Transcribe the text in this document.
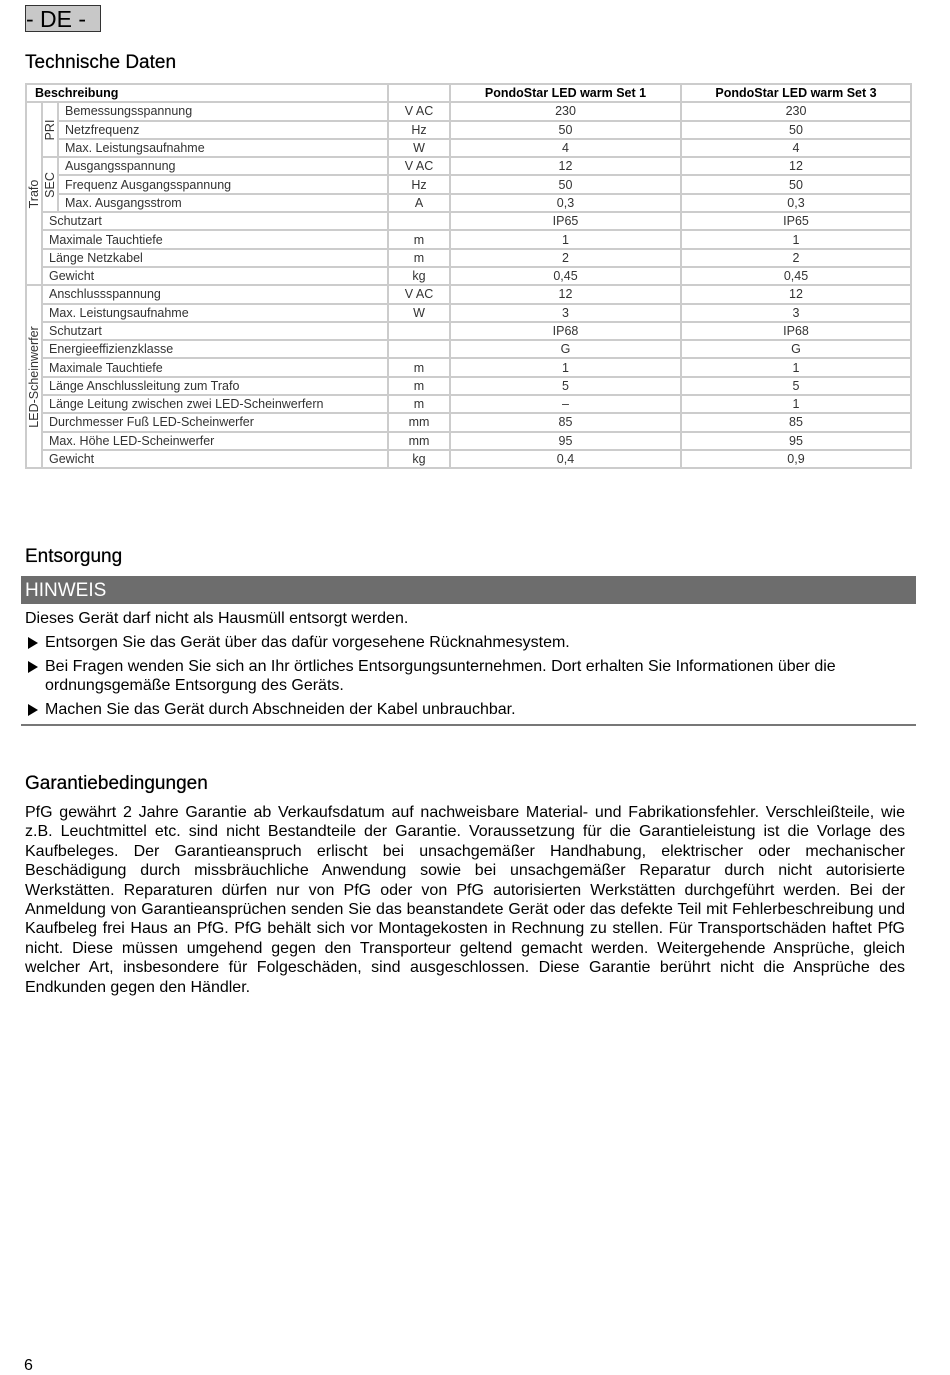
- DE -
Technische Daten
Beschreibung				PondoStar LED warm Set 1	PondoStar LED warm Set 3

Trafo	PRI	Bemessungsspannung	V AC	230	230
		Netzfrequenz	Hz	50	50
		Max. Leistungsaufnahme	W	4	4

	SEC	Ausgangsspannung	V AC	12	12
		Frequenz Ausgangsspannung	Hz	50	50
		Max. Ausgangsstrom	A	0,3	0,3
	Schutzart			IP65	IP65
	Maximale Tauchtiefe		m	1	1
	Länge Netzkabel		m	2	2
	Gewicht		kg	0,45	0,45

LED-Scheinwerfer	Anschlussspannung		V AC	12	12
	Max. Leistungsaufnahme		W	3	3
	Schutzart			IP68	IP68
	Energieeffizienzklasse			G	G
	Maximale Tauchtiefe		m	1	1
	Länge Anschlussleitung zum Trafo		m	5	5
	Länge Leitung zwischen zwei LED-Scheinwerfern		m	–	1
	Durchmesser Fuß LED-Scheinwerfer		mm	85	85
	Max. Höhe LED-Scheinwerfer		mm	95	95
	Gewicht		kg	0,4	0,9
Entsorgung
HINWEIS
Dieses Gerät darf nicht als Hausmüll entsorgt werden.
Entsorgen Sie das Gerät über das dafür vorgesehene Rücknahmesystem.
Bei Fragen wenden Sie sich an Ihr örtliches Entsorgungsunternehmen. Dort erhalten Sie Informationen über die ordnungsgemäße Entsorgung des Geräts.
Machen Sie das Gerät durch Abschneiden der Kabel unbrauchbar.
Garantiebedingungen
PfG gewährt 2 Jahre Garantie ab Verkaufsdatum auf nachweisbare Material- und Fabrikationsfehler. Verschleißteile, wie z.B. Leuchtmittel etc. sind nicht Bestandteile der Garantie. Voraussetzung für die Garantieleistung ist die Vorlage des Kaufbeleges. Der Garantieanspruch erlischt bei unsachgemäßer Handhabung, elektrischer oder mechanischer Beschädigung durch missbräuchliche Anwendung sowie bei unsachgemäßer Reparatur durch nicht autorisierte Werkstätten. Reparaturen dürfen nur von PfG oder von PfG autorisierten Werkstätten durchgeführt werden. Bei der Anmeldung von Garantieansprüchen senden Sie das beanstandete Gerät oder das defekte Teil mit Fehlerbeschreibung und Kaufbeleg frei Haus an PfG. PfG behält sich vor Montagekosten in Rechnung zu stellen. Für Transportschäden haftet PfG nicht. Diese müssen umgehend gegen den Transporteur geltend gemacht werden. Weitergehende Ansprüche, gleich welcher Art, insbesondere für Folgeschäden, sind ausgeschlossen. Diese Garantie berührt nicht die Ansprüche des Endkunden gegen den Händler.
6
